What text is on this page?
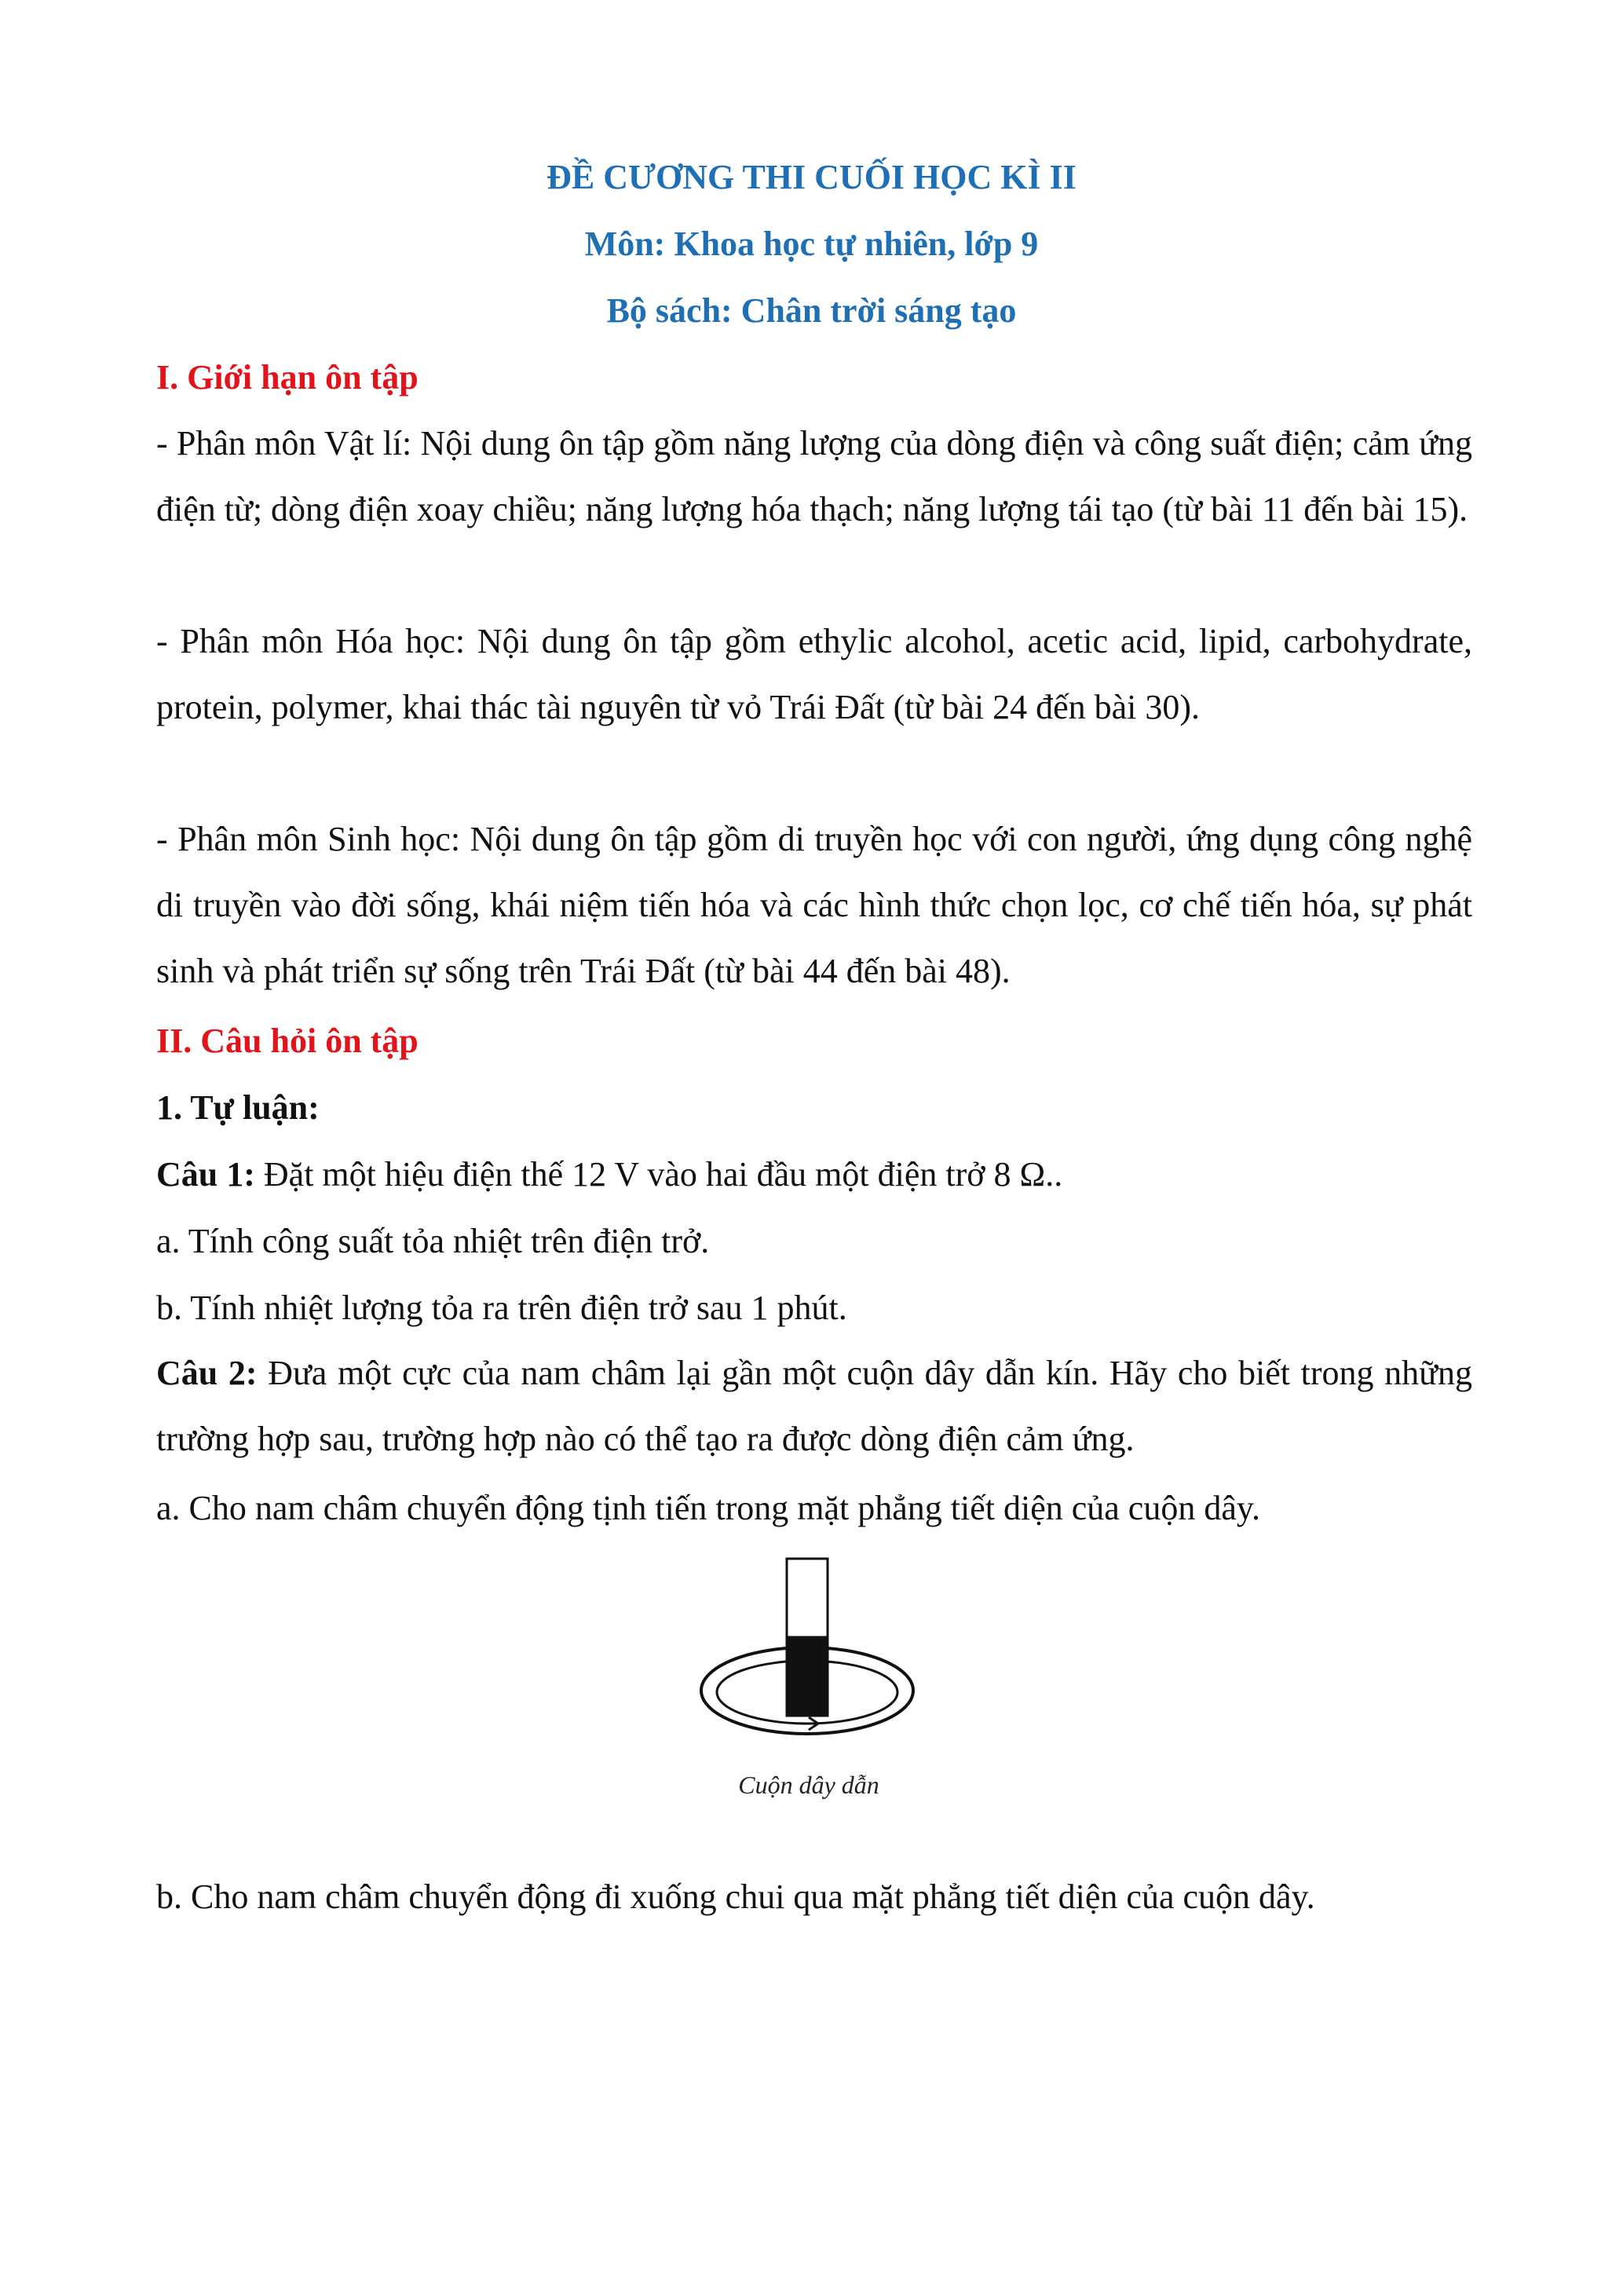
ĐỀ CƯƠNG THI CUỐI HỌC KÌ II
Môn: Khoa học tự nhiên, lớp 9
Bộ sách: Chân trời sáng tạo
I. Giới hạn ôn tập
- Phân môn Vật lí: Nội dung ôn tập gồm năng lượng của dòng điện và công suất điện; cảm ứng điện từ; dòng điện xoay chiều; năng lượng hóa thạch; năng lượng tái tạo (từ bài 11 đến bài 15).
- Phân môn Hóa học: Nội dung ôn tập gồm ethylic alcohol, acetic acid, lipid, carbohydrate, protein, polymer, khai thác tài nguyên từ vỏ Trái Đất (từ bài 24 đến bài 30).
- Phân môn Sinh học: Nội dung ôn tập gồm di truyền học với con người, ứng dụng công nghệ di truyền vào đời sống, khái niệm tiến hóa và các hình thức chọn lọc, cơ chế tiến hóa, sự phát sinh và phát triển sự sống trên Trái Đất (từ bài 44 đến bài 48).
II. Câu hỏi ôn tập
1. Tự luận:
Câu 1: Đặt một hiệu điện thế 12 V vào hai đầu một điện trở 8 Ω..
a. Tính công suất tỏa nhiệt trên điện trở.
b. Tính nhiệt lượng tỏa ra trên điện trở sau 1 phút.
Câu 2: Đưa một cực của nam châm lại gần một cuộn dây dẫn kín. Hãy cho biết trong những trường hợp sau, trường hợp nào có thể tạo ra được dòng điện cảm ứng.
a. Cho nam châm chuyển động tịnh tiến trong mặt phẳng tiết diện của cuộn dây.
Cuộn dây dẫn
b. Cho nam châm chuyển động đi xuống chui qua mặt phẳng tiết diện của cuộn dây.
